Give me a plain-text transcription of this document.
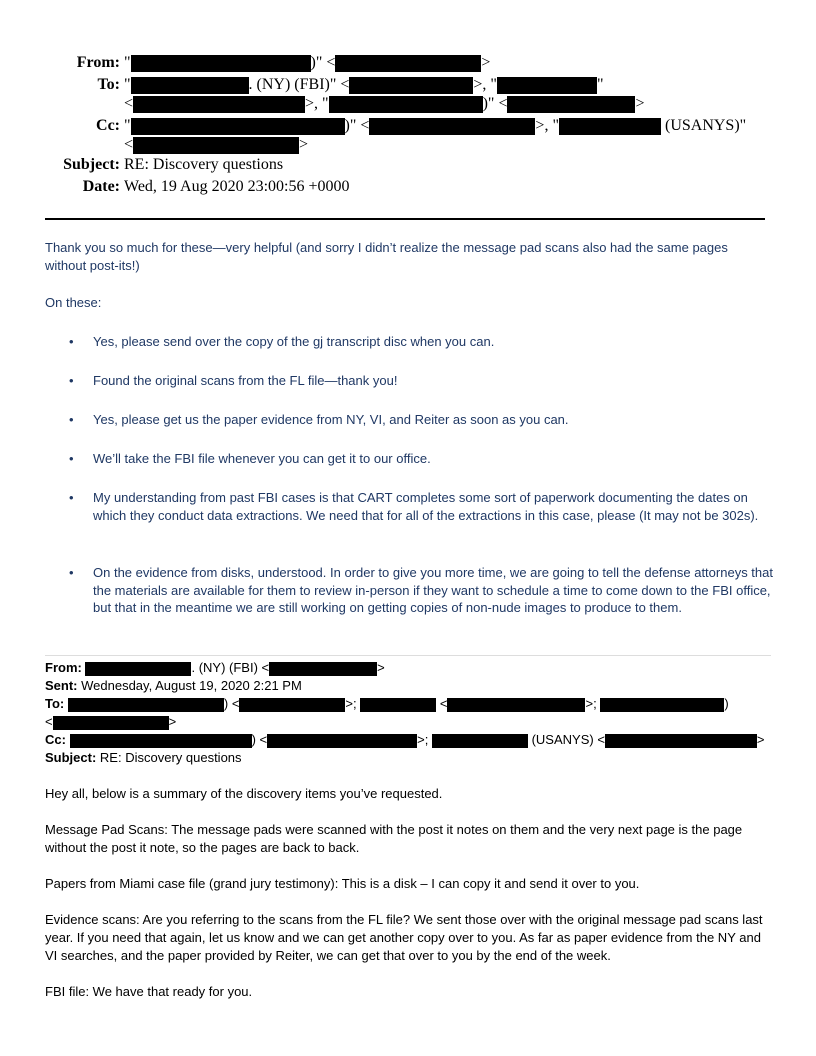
From: "	)" <	>
To: "	. (NY) (FBI)" <	>, "	"
<	>, "	)" <	>
Cc: "	)" <	>, "	(USANYS)"
<	>
Subject: RE: Discovery questions
Date: Wed, 19 Aug 2020 23:00:56 +0000
Thank you so much for these—very helpful (and sorry I didn’t realize the message pad scans also had the same pages without post-its!)
On these:
• Yes, please send over the copy of the gj transcript disc when you can.
• Found the original scans from the FL file—thank you!
• Yes, please get us the paper evidence from NY, VI, and Reiter as soon as you can.
• We’ll take the FBI file whenever you can get it to our office.
• My understanding from past FBI cases is that CART completes some sort of paperwork documenting the dates on which they conduct data extractions. We need that for all of the extractions in this case, please (It may not be 302s).
• On the evidence from disks, understood. In order to give you more time, we are going to tell the defense attorneys that the materials are available for them to review in-person if they want to schedule a time to come down to the FBI office, but that in the meantime we are still working on getting copies of non-nude images to produce to them.
From:	. (NY) (FBI) <	>
Sent: Wednesday, August 19, 2020 2:21 PM
To:	) <	>;	<	>;	)
<	>
Cc:	) <	>;	(USANYS) <	>
Subject: RE: Discovery questions
Hey all, below is a summary of the discovery items you’ve requested.
Message Pad Scans: The message pads were scanned with the post it notes on them and the very next page is the page without the post it note, so the pages are back to back.
Papers from Miami case file (grand jury testimony): This is a disk – I can copy it and send it over to you.
Evidence scans: Are you referring to the scans from the FL file? We sent those over with the original message pad scans last year. If you need that again, let us know and we can get another copy over to you. As far as paper evidence from the NY and VI searches, and the paper provided by Reiter, we can get that over to you by the end of the week.
FBI file: We have that ready for you.
